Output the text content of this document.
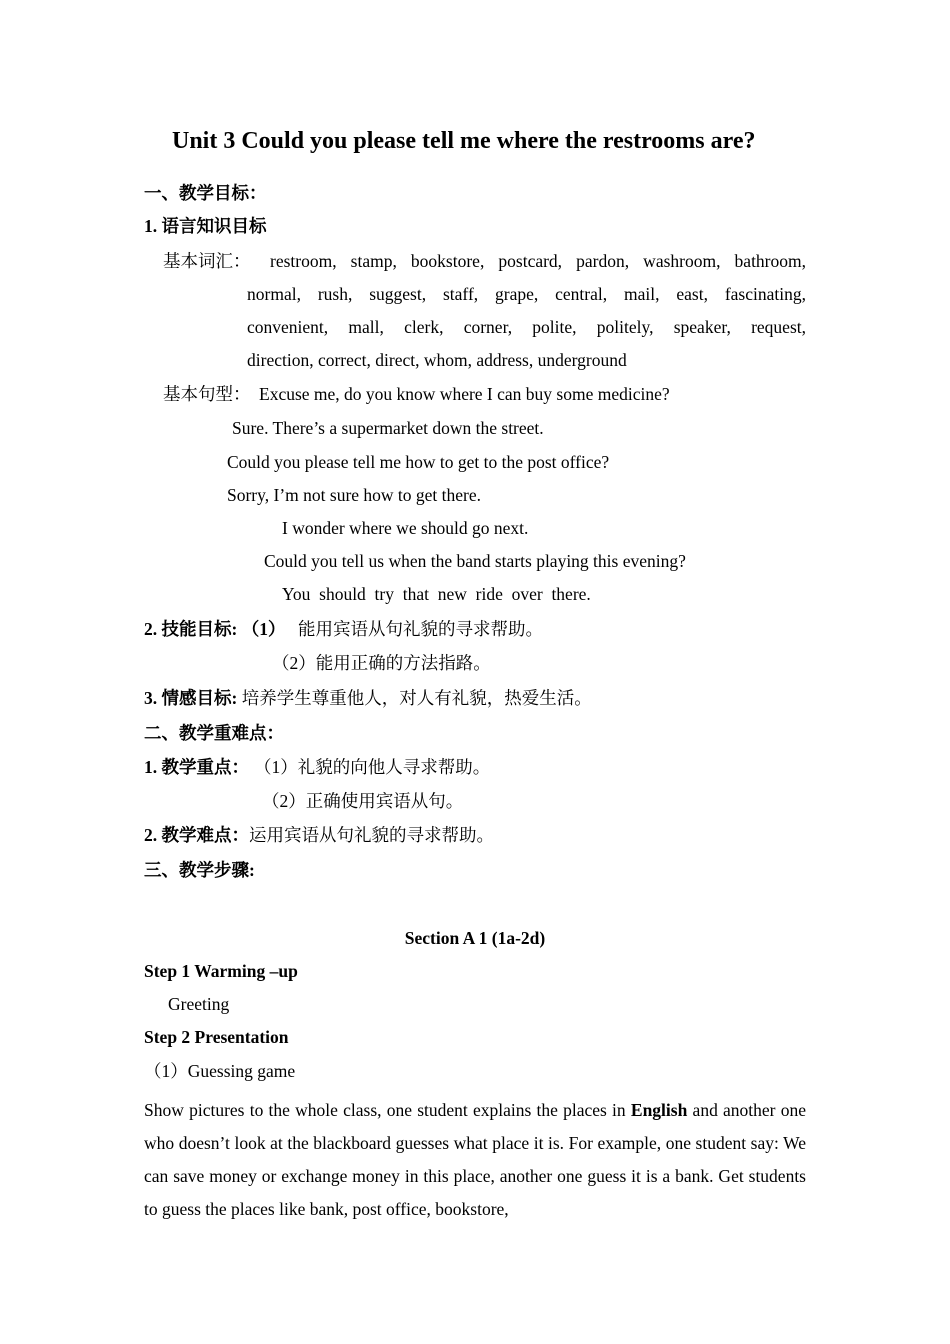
Unit 3 Could you please tell me where the restrooms are?
一、教学目标：
1. 语言知识目标
基本词汇： restroom, stamp, bookstore, postcard, pardon, washroom, bathroom,
normal, rush, suggest, staff, grape, central, mail, east, fascinating,
convenient, mall, clerk, corner, polite, politely, speaker, request,
direction, correct, direct, whom, address, underground
基本句型： Excuse me, do you know where I can buy some medicine?
Sure. There’s a supermarket down the street.
Could you please tell me how to get to the post office?
Sorry, I’m not sure how to get there.
I wonder where we should go next.
Could you tell us when the band starts playing this evening?
You  should  try  that  new  ride  over  there.
2. 技能目标: （1） 能用宾语从句礼貌的寻求帮助。
（2）能用正确的方法指路。
3. 情感目标: 培养学生尊重他人，对人有礼貌，热爱生活。
二、教学重难点：
1. 教学重点： （1）礼貌的向他人寻求帮助。
（2）正确使用宾语从句。
2. 教学难点：运用宾语从句礼貌的寻求帮助。
三、教学步骤:
Section A 1 (1a-2d)
Step 1 Warming –up
Greeting
Step 2 Presentation
（1）Guessing game
Show pictures to the whole class, one student explains the places in English and another one who doesn’t look at the blackboard guesses what place it is. For example, one student say: We can save money or exchange money in this place, another one guess it is a bank. Get students to guess the places like bank, post office, bookstore,
